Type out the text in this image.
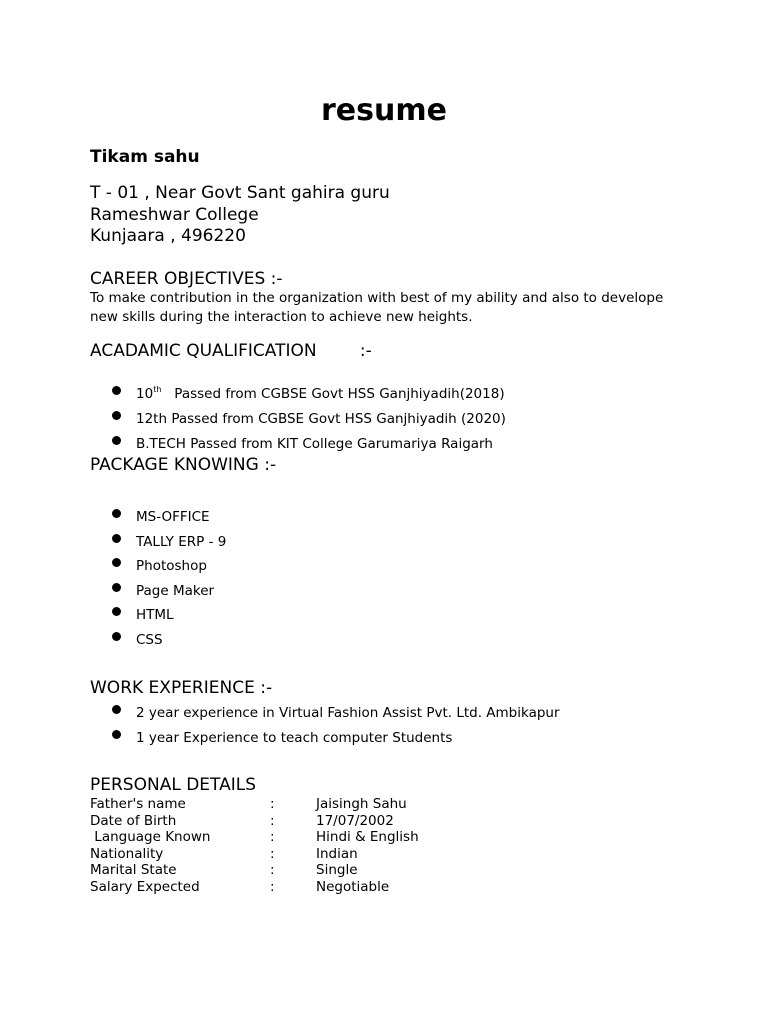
resume
Tikam sahu
T - 01 , Near Govt Sant gahira guru
Rameshwar College
Kunjaara , 496220
CAREER OBJECTIVES :-
To make contribution in the organization with best of my ability and also to develope new skills during the interaction to achieve new heights.
ACADAMIC QUALIFICATION        :-
10th   Passed from CGBSE Govt HSS Ganjhiyadih(2018)
12th Passed from CGBSE Govt HSS Ganjhiyadih (2020)
B.TECH Passed from KIT College Garumariya Raigarh
PACKAGE KNOWING :-
MS-OFFICE
TALLY ERP - 9
Photoshop
Page Maker
HTML
CSS
WORK EXPERIENCE :-
2 year experience in Virtual Fashion Assist Pvt. Ltd. Ambikapur
1 year Experience to teach computer Students
PERSONAL DETAILS
Father's name	:	Jaisingh Sahu
Date of Birth	:	17/07/2002
Language Known	:	Hindi & English
Nationality	:	Indian
Marital State	:	Single
Salary Expected	:	Negotiable
